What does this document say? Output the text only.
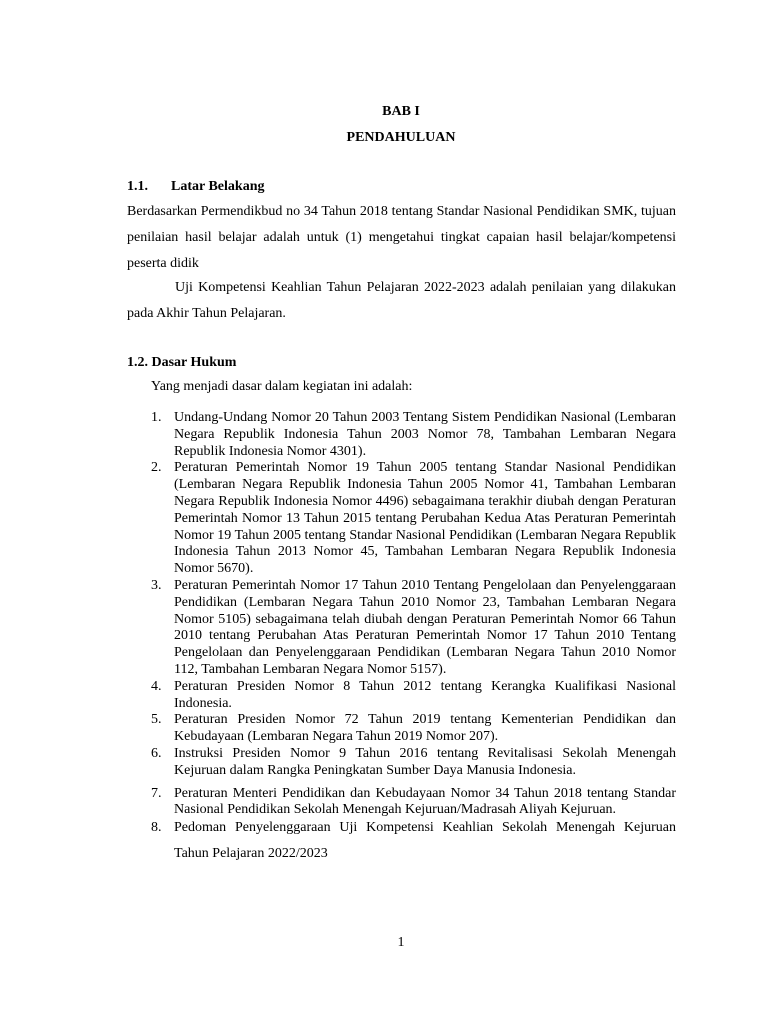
BAB I
PENDAHULUAN
1.1. Latar Belakang

Berdasarkan Permendikbud no 34 Tahun 2018 tentang Standar Nasional Pendidikan SMK, tujuan penilaian hasil belajar adalah untuk (1) mengetahui tingkat capaian hasil belajar/kompetensi peserta didik

Uji Kompetensi Keahlian Tahun Pelajaran 2022-2023 adalah penilaian yang dilakukan pada Akhir Tahun Pelajaran.

1.2. Dasar Hukum
Yang menjadi dasar dalam kegiatan ini adalah:
1. Undang-Undang Nomor 20 Tahun 2003 Tentang Sistem Pendidikan Nasional (Lembaran Negara Republik Indonesia Tahun 2003 Nomor 78, Tambahan Lembaran Negara Republik Indonesia Nomor 4301).
2. Peraturan Pemerintah Nomor 19 Tahun 2005 tentang Standar Nasional Pendidikan (Lembaran Negara Republik Indonesia Tahun 2005 Nomor 41, Tambahan Lembaran Negara Republik Indonesia Nomor 4496) sebagaimana terakhir diubah dengan Peraturan Pemerintah Nomor 13 Tahun 2015 tentang Perubahan Kedua Atas Peraturan Pemerintah Nomor 19 Tahun 2005 tentang Standar Nasional Pendidikan (Lembaran Negara Republik Indonesia Tahun 2013 Nomor 45, Tambahan Lembaran Negara Republik Indonesia Nomor 5670).
3. Peraturan Pemerintah Nomor 17 Tahun 2010 Tentang Pengelolaan dan Penyelenggaraan Pendidikan (Lembaran Negara Tahun 2010 Nomor 23, Tambahan Lembaran Negara Nomor 5105) sebagaimana telah diubah dengan Peraturan Pemerintah Nomor 66 Tahun 2010 tentang Perubahan Atas Peraturan Pemerintah Nomor 17 Tahun 2010 Tentang Pengelolaan dan Penyelenggaraan Pendidikan (Lembaran Negara Tahun 2010 Nomor 112, Tambahan Lembaran Negara Nomor 5157).
4. Peraturan Presiden Nomor 8 Tahun 2012 tentang Kerangka Kualifikasi Nasional Indonesia.
5. Peraturan Presiden Nomor 72 Tahun 2019 tentang Kementerian Pendidikan dan Kebudayaan (Lembaran Negara Tahun 2019 Nomor 207).
6. Instruksi Presiden Nomor 9 Tahun 2016 tentang Revitalisasi Sekolah Menengah Kejuruan dalam Rangka Peningkatan Sumber Daya Manusia Indonesia.
7. Peraturan Menteri Pendidikan dan Kebudayaan Nomor 34 Tahun 2018 tentang Standar Nasional Pendidikan Sekolah Menengah Kejuruan/Madrasah Aliyah Kejuruan.
8. Pedoman Penyelenggaraan Uji Kompetensi Keahlian Sekolah Menengah Kejuruan Tahun Pelajaran 2022/2023
1
